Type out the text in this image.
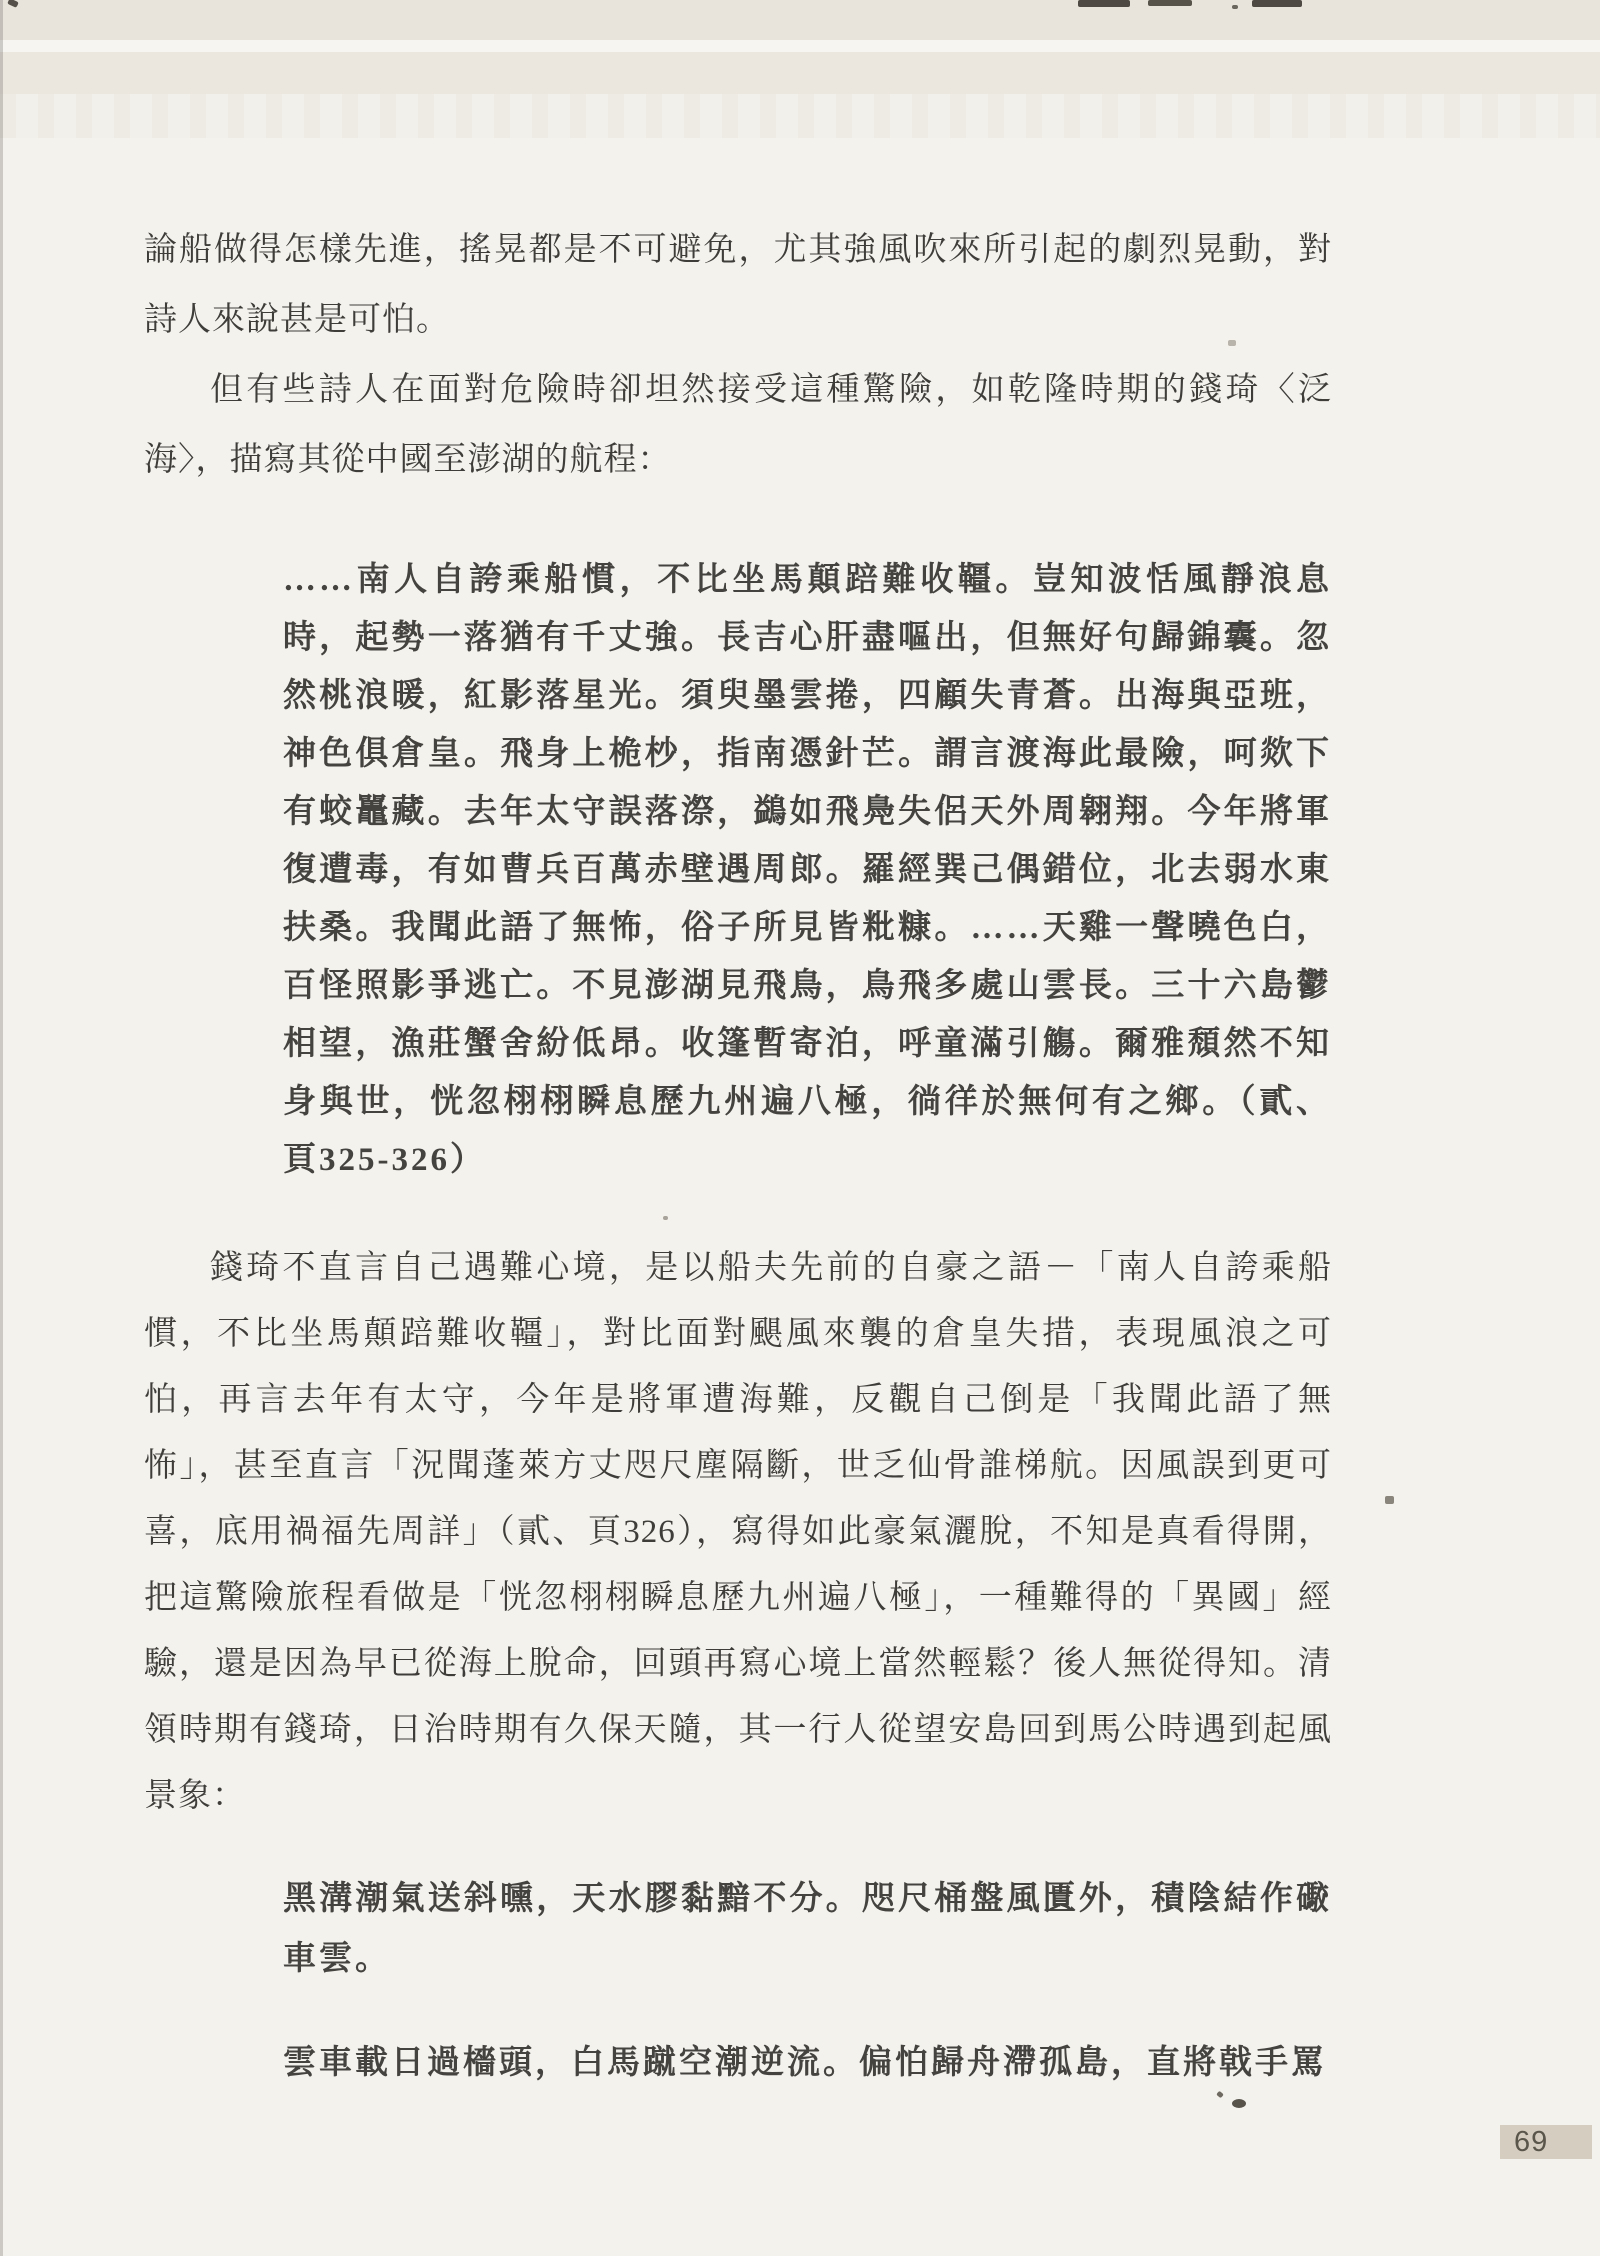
論船做得怎樣先進，搖晃都是不可避免，尤其強風吹來所引起的劇烈晃動，對
詩人來說甚是可怕。
但有些詩人在面對危險時卻坦然接受這種驚險，如乾隆時期的錢琦〈泛
海〉，描寫其從中國至澎湖的航程：
……南人自誇乘船慣，不比坐馬顛踣難收韁。豈知波恬風靜浪息
時，起勢一落猶有千丈強。長吉心肝盡嘔出，但無好句歸錦囊。忽
然桃浪暖，紅影落星光。須臾墨雲捲，四顧失青蒼。出海與亞班，
神色俱倉皇。飛身上桅杪，指南憑針芒。謂言渡海此最險，呵欻下
有蛟鼉藏。去年太守誤落漈，鷁如飛鳧失侶天外周翱翔。今年將軍
復遭毒，有如曹兵百萬赤壁遇周郎。羅經巽己偶錯位，北去弱水東
扶桑。我聞此語了無怖，俗子所見皆粃糠。……天雞一聲曉色白，
百怪照影爭逃亡。不見澎湖見飛鳥，鳥飛多處山雲長。三十六島鬱
相望，漁莊蟹舍紛低昂。收篷暫寄泊，呼童滿引觴。爾雅頹然不知
身與世，恍忽栩栩瞬息歷九州遍八極，徜徉於無何有之鄉。（貳、
頁325-326）
錢琦不直言自己遇難心境，是以船夫先前的自豪之語－「南人自誇乘船
慣，不比坐馬顛踣難收韁」，對比面對颶風來襲的倉皇失措，表現風浪之可
怕，再言去年有太守，今年是將軍遭海難，反觀自己倒是「我聞此語了無
怖」，甚至直言「況聞蓬萊方丈咫尺塵隔斷，世乏仙骨誰梯航。因風誤到更可
喜，底用禍福先周詳」（貳、頁326），寫得如此豪氣灑脫，不知是真看得開，
把這驚險旅程看做是「恍忽栩栩瞬息歷九州遍八極」，一種難得的「異國」經
驗，還是因為早已從海上脫命，回頭再寫心境上當然輕鬆？後人無從得知。清
領時期有錢琦，日治時期有久保天隨，其一行人從望安島回到馬公時遇到起風
景象：
黑溝潮氣送斜曛，天水膠黏黯不分。咫尺桶盤風匱外，積陰結作礮
車雲。
雲車載日過檣頭，白馬蹴空潮逆流。偏怕歸舟滯孤島，直將戟手罵
69
